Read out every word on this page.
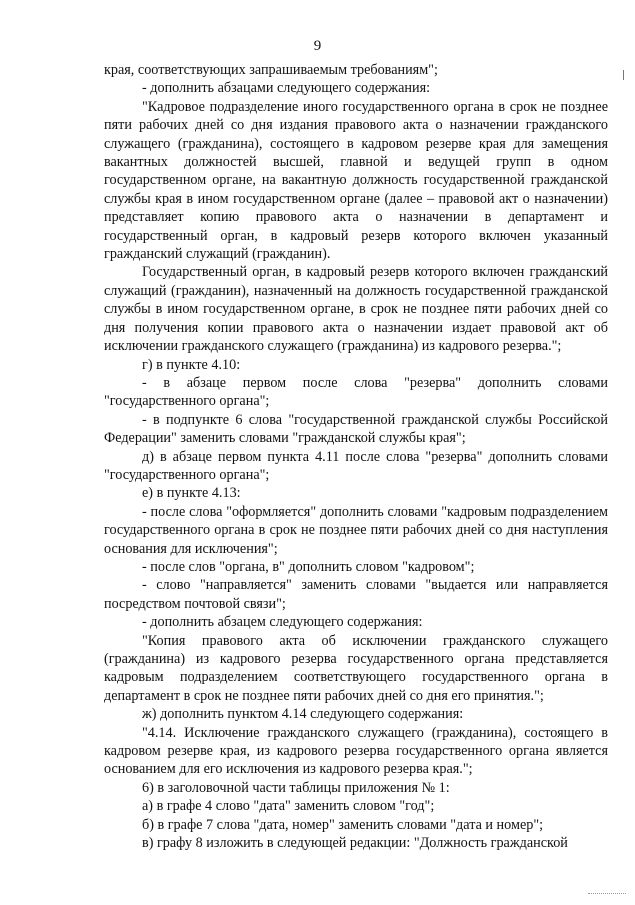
9

края, соответствующих запрашиваемым требованиям";

- дополнить абзацами следующего содержания:

"Кадровое подразделение иного государственного органа в срок не позднее пяти рабочих дней со дня издания правового акта о назначении гражданского служащего (гражданина), состоящего в кадровом резерве края для замещения вакантных должностей высшей, главной и ведущей групп в одном государственном органе, на вакантную должность государственной гражданской службы края в ином государственном органе (далее – правовой акт о назначении) представляет копию правового акта о назначении в департамент и государственный орган, в кадровый резерв которого включен указанный гражданский служащий (гражданин).

Государственный орган, в кадровый резерв которого включен гражданский служащий (гражданин), назначенный на должность государственной гражданской службы в ином государственном органе, в срок не позднее пяти рабочих дней со дня получения копии правового акта о назначении издает правовой акт об исключении гражданского служащего (гражданина) из кадрового резерва.";

г) в пункте 4.10:

- в абзаце первом после слова "резерва" дополнить словами "государственного органа";

- в подпункте 6 слова "государственной гражданской службы Российской Федерации" заменить словами "гражданской службы края";

д) в абзаце первом пункта 4.11 после слова "резерва" дополнить словами "государственного органа";

е) в пункте 4.13:

- после слова "оформляется" дополнить словами "кадровым подразделением государственного органа в срок не позднее пяти рабочих дней со дня наступления основания для исключения";

- после слов "органа, в" дополнить словом "кадровом";

- слово "направляется" заменить словами "выдается или направляется посредством почтовой связи";

- дополнить абзацем следующего содержания:

"Копия правового акта об исключении гражданского служащего (гражданина) из кадрового резерва государственного органа представляется кадровым подразделением соответствующего государственного органа в департамент в срок не позднее пяти рабочих дней со дня его принятия.";

ж) дополнить пунктом 4.14 следующего содержания:

"4.14. Исключение гражданского служащего (гражданина), состоящего в кадровом резерве края, из кадрового резерва государственного органа является основанием для его исключения из кадрового резерва края.";

6) в заголовочной части таблицы приложения № 1:

а) в графе 4 слово "дата" заменить словом "год";

б) в графе 7 слова "дата, номер" заменить словами "дата и номер";

в) графу 8 изложить в следующей редакции: "Должность гражданской
